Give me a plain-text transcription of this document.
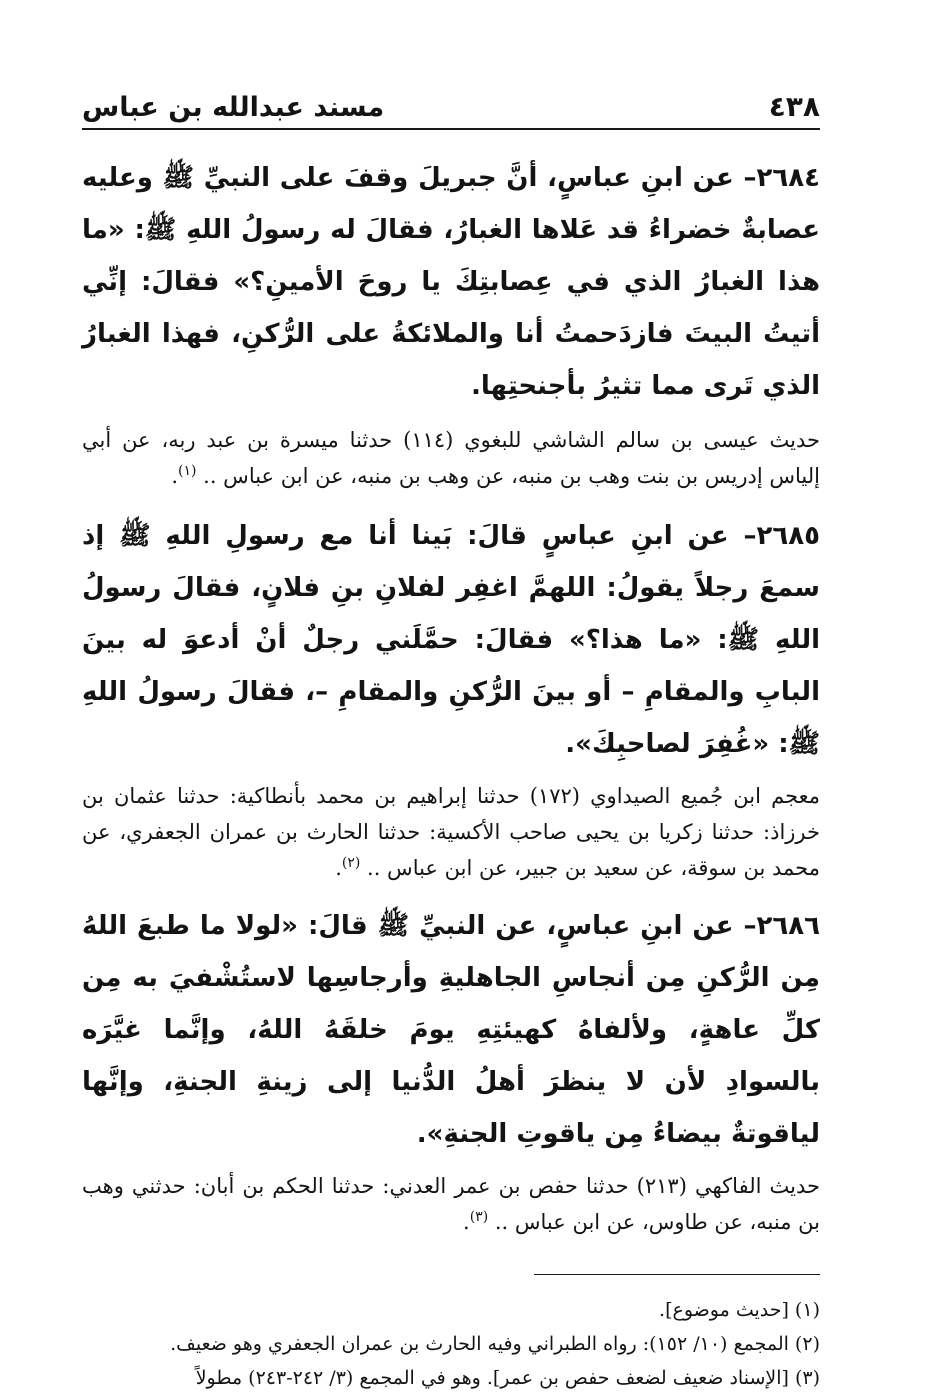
٤٣٨
مسند عبدالله بن عباس

٢٦٨٤– عن ابنِ عباسٍ، أنَّ جبريلَ وقفَ على النبيِّ ﷺ وعليه عصابةٌ خضراءُ قد عَلاها الغبارُ، فقالَ له رسولُ اللهِ ﷺ: «ما هذا الغبارُ الذي في عِصابتِكَ يا روحَ الأمينِ؟» فقالَ: إنِّي أتيتُ البيتَ فازدَحمتُ أنا والملائكةُ على الرُّكنِ، فهذا الغبارُ الذي تَرى مما تثيرُ بأجنحتِها.

حديث عيسى بن سالم الشاشي للبغوي (١١٤) حدثنا ميسرة بن عبد ربه، عن أبي إلياس إدريس بن بنت وهب بن منبه، عن وهب بن منبه، عن ابن عباس .. $^{(١)}$.

٢٦٨٥– عن ابنِ عباسٍ قالَ: بَينا أنا مع رسولِ اللهِ ﷺ إذ سمعَ رجلاً يقولُ: اللهمَّ اغفِر لفلانِ بنِ فلانٍ، فقالَ رسولُ اللهِ ﷺ: «ما هذا؟» فقالَ: حمَّلَني رجلٌ أنْ أدعوَ له بينَ البابِ والمقامِ – أو بينَ الرُّكنِ والمقامِ –، فقالَ رسولُ اللهِ ﷺ: «غُفِرَ لصاحبِكَ».

معجم ابن جُميع الصيداوي (١٧٢) حدثنا إبراهيم بن محمد بأنطاكية: حدثنا عثمان بن خرزاذ: حدثنا زكريا بن يحيى صاحب الأكسية: حدثنا الحارث بن عمران الجعفري، عن محمد بن سوقة، عن سعيد بن جبير، عن ابن عباس .. $^{(٢)}$.

٢٦٨٦– عن ابنِ عباسٍ، عن النبيِّ ﷺ قالَ: «لولا ما طبعَ اللهُ مِن الرُّكنِ مِن أنجاسِ الجاهليةِ وأرجاسِها لاستُشْفيَ به مِن كلِّ عاهةٍ، ولألفاهُ كهيئتِهِ يومَ خلقَهُ اللهُ، وإنَّما غيَّرَه بالسوادِ لأن لا ينظرَ أهلُ الدُّنيا إلى زينةِ الجنةِ، وإنَّها لياقوتةٌ بيضاءُ مِن ياقوتِ الجنةِ».

حديث الفاكهي (٢١٣) حدثنا حفص بن عمر العدني: حدثنا الحكم بن أبان: حدثني وهب بن منبه، عن طاوس، عن ابن عباس .. $^{(٣)}$.

(١) [حديث موضوع].

(٢) المجمع (١٠/ ١٥٢): رواه الطبراني وفيه الحارث بن عمران الجعفري وهو ضعيف.

(٣) [الإسناد ضعيف لضعف حفص بن عمر]. وهو في المجمع (٣/ ٢٤٢-٢٤٣) مطولاً
